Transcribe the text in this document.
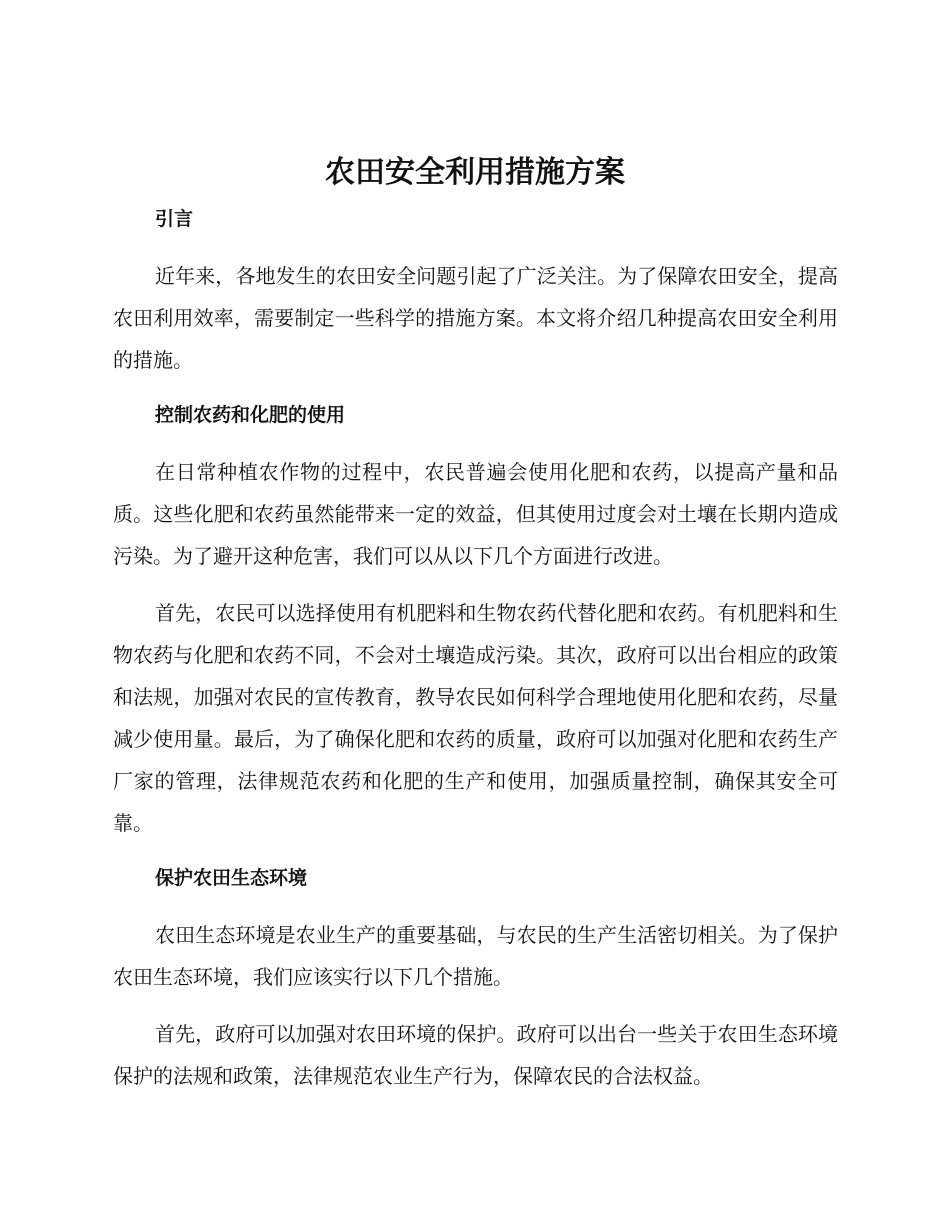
农田安全利用措施方案
引言

近年来，各地发生的农田安全问题引起了广泛关注。为了保障农田安全，提高农田利用效率，需要制定一些科学的措施方案。本文将介绍几种提高农田安全利用的措施。

控制农药和化肥的使用

在日常种植农作物的过程中，农民普遍会使用化肥和农药，以提高产量和品质。这些化肥和农药虽然能带来一定的效益，但其使用过度会对土壤在长期内造成污染。为了避开这种危害，我们可以从以下几个方面进行改进。

首先，农民可以选择使用有机肥料和生物农药代替化肥和农药。有机肥料和生物农药与化肥和农药不同，不会对土壤造成污染。其次，政府可以出台相应的政策和法规，加强对农民的宣传教育，教导农民如何科学合理地使用化肥和农药，尽量减少使用量。最后，为了确保化肥和农药的质量，政府可以加强对化肥和农药生产厂家的管理，法律规范农药和化肥的生产和使用，加强质量控制，确保其安全可靠。

保护农田生态环境

农田生态环境是农业生产的重要基础，与农民的生产生活密切相关。为了保护农田生态环境，我们应该实行以下几个措施。

首先，政府可以加强对农田环境的保护。政府可以出台一些关于农田生态环境保护的法规和政策，法律规范农业生产行为，保障农民的合法权益。
